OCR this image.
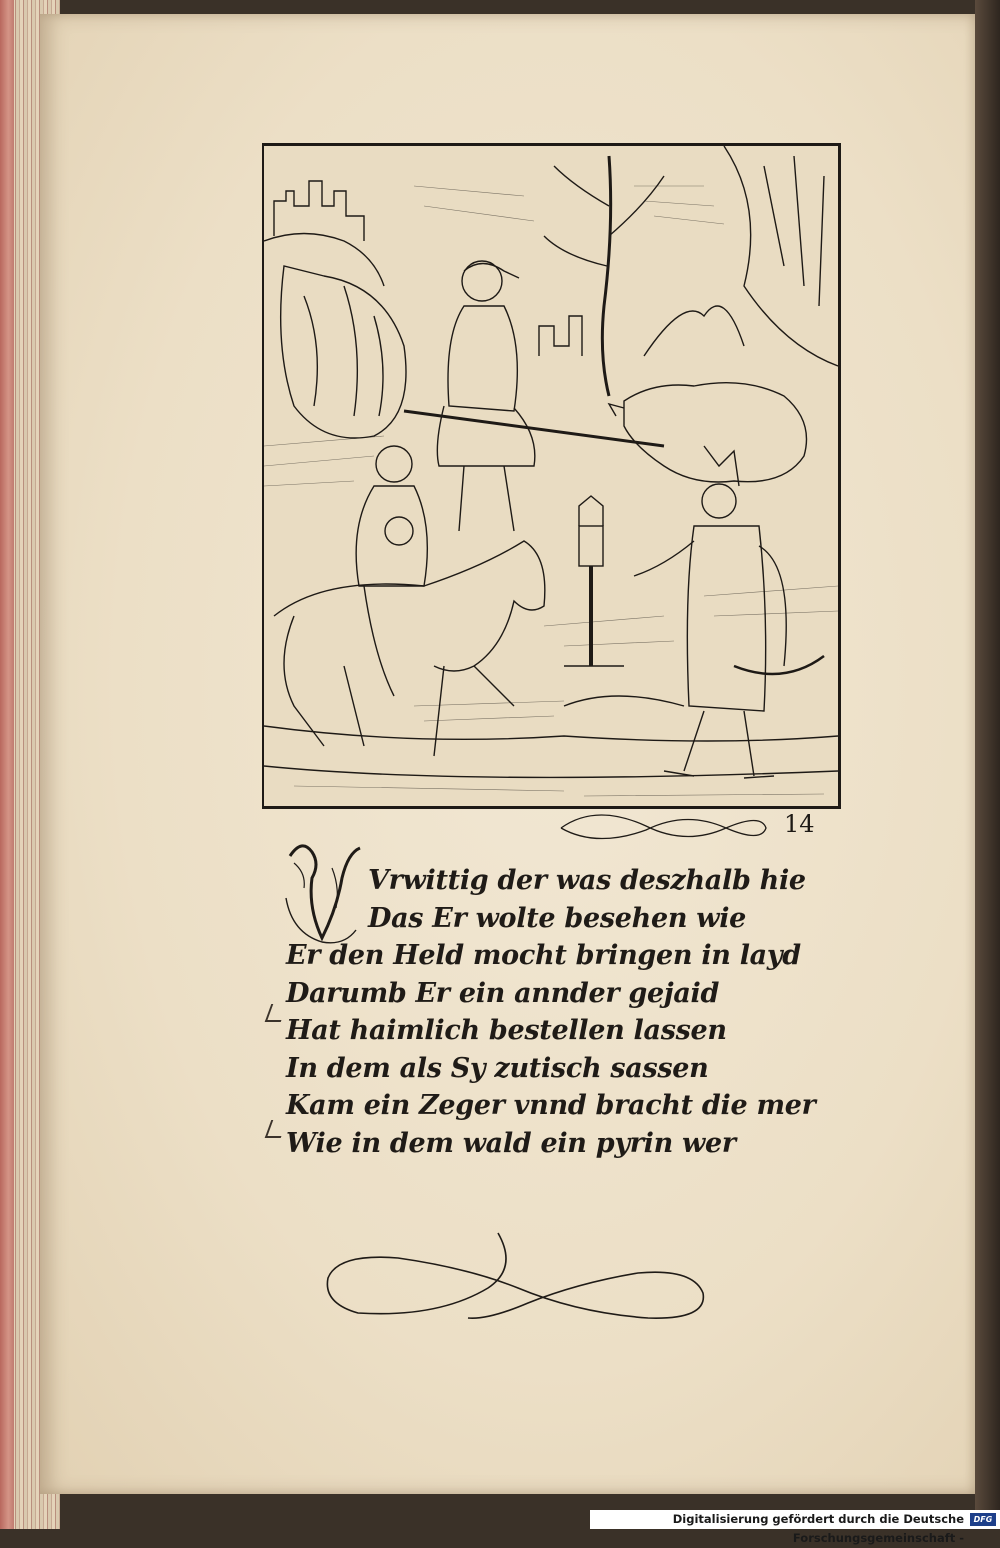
14
Vrwittig der was deszhalb hie
Das Er wolte besehen wie
Er den Held mocht bringen in layd
Darumb Er ein annder gejaid
Hat haimlich bestellen lassen
In dem als Sy zutisch sassen
Kam ein Zeger vnnd bracht die mer
Wie in dem wald ein pyrin wer
Digitalisierung gefördert durch die Deutsche Forschungsgemeinschaft -
DFG
